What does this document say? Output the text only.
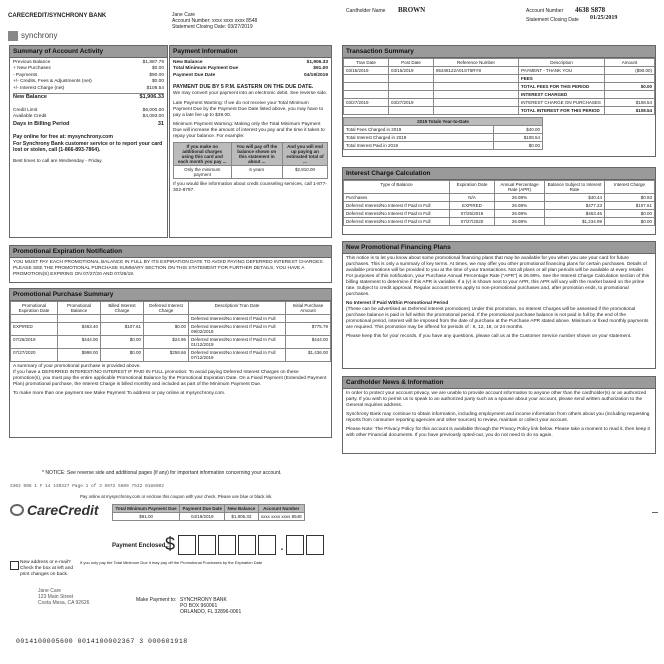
CARECREDIT/SYNCHRONY BANK	Jane Care
Account Number: xxxx xxxx xxxx 8548
Statement Closing Date: 03/27/2019
synchrony
Cardholder Name BROWN	Account Number 4638 S878
Statement Closing Date 01/25/2019
Summary of Account Activity
Previous Balance	$1,887.79
+ New Purchases	$0.00
- Payments	$90.00
+/- Credits, Fees & Adjustments (net)	$0.00
+/- Interest Charge (net)	$108.54
New Balance	$1,906.33
Credit Limit	$6,000.00
Available Credit	$4,093.00
Days in Billing Period	31
Pay online for free at: mysynchrony.com
For Synchrony Bank customer service or to report your card lost or stolen, call (1-866-893-7864).
Best times to call are Wednesday - Friday.
Payment Information
New Balance	$1,906.33
Total Minimum Payment Due	$91.00
Payment Due Date	04/19/2019
PAYMENT DUE BY 5 P.M. EASTERN ON THE DUE DATE.
We may convert your payment into an electronic debit. See reverse side.
Late Payment Warning: If we do not receive your Total Minimum Payment Due by the Payment Due Date listed above, you may have to pay a late fee up to $39.00.
Minimum Payment Warning: Making only the Total Minimum Payment Due will increase the amount of interest you pay and the time it takes to repay your balance. For example:
If you make no additional charges using this card and each month you pay ...	You will pay off the balance shown on this statement in about ...	And you will end up paying an estimated total of ...
Only the minimum payment	6 years	$2,810.00
If you would like information about credit counseling services, call 1-877-302-8797.
Transaction Summary
Tran Date	Post Date	Reference Number	Description	Amount
03/15/2019	03/15/2019	85348122A01ST5RY8	PAYMENT - THANK YOU	($90.00)
			FEES	
			TOTAL FEES FOR THIS PERIOD	$0.00
			INTEREST CHARGED	
03/27/2019	03/27/2019		INTEREST CHARGE ON PURCHASES	$108.54
			TOTAL INTEREST FOR THIS PERIOD	$108.54
2019 Totals Year-to-Date	
Total Fees Charged in 2019	$40.00
Total Interest Charged in 2019	$108.54
Total Interest Paid in 2019	$0.00
Interest Charge Calculation
Type of Balance	Expiration Date	Annual Percentage Rate (APR)	Balance Subject to Interest Rate	Interest Charge
Purchases	N/A	26.99%	$40.44	$0.93
Deferred Interest/No Interest If Paid In Full	EXPIRED	26.99%	$477.23	$107.61
Deferred Interest/No Interest If Paid In Full	07/26/2019	26.99%	$463.46	$0.00
Deferred Interest/No Interest If Paid In Full	07/27/2020	26.99%	$1,234.99	$0.00
Promotional Expiration Notification
YOU MUST PAY EACH PROMOTIONAL BALANCE IN FULL BY ITS EXPIRATION DATE TO AVOID PAYING DEFERRED INTEREST CHARGES. PLEASE SEE THE PROMOTIONAL PURCHASE SUMMARY SECTION ON THIS STATEMENT FOR FURTHER DETAILS. YOU HAVE A PROMOTION(S) EXPIRING ON 07/27/20 AND 07/26/19.
Promotional Purchase Summary
Promotional Expiration Date	Promotional Balance	Billed Interest Charge	Deferred Interest Charge	Description/ Tran Date	Initial Purchase Amount
				Deferred Interest/No Interest If Paid In Full	
EXPIRED	$463.40	$107.61	$0.00	Deferred Interest/No Interest If Paid In Full 09/02/2018	$775.79
07/26/2019	$444.00	$0.00	$24.96	Deferred Interest/No Interest If Paid In Full 01/12/2019	$444.00
07/27/2020	$998.00	$0.00	$258.66	Deferred Interest/No Interest If Paid In Full 07/12/2019	$1,436.00
A summary of your promotional purchase is provided above.
If you have a DEFERRED INTEREST/NO INTEREST IF PAID IN FULL promotion: To avoid paying Deferred Interest Charges on these promotion(s), you must pay the entire applicable Promotional Balance by the Promotional Expiration Date. On a Fixed Payment (Extended Payment Plan) promotional purchase, the Interest Charge is billed monthly and included as part of the Minimum Payment Due.
To make more than one payment see Make Payment To address or pay online at mysynchrony.com.
New Promotional Financing Plans
This notice is to let you know about some promotional financing plans that may be available for you when you use your card for future purchases. This is only a summary of key terms. At times, we may offer you other promotional financing plans for certain purchases. Details of available promotions will be provided to you at the time of your transactions. Not all plans or all plan periods will be available at every retailer. For purposes of this notification, your Purchase Annual Percentage Rate ("APR") is 26.99%. See the Interest Charge Calculation section of this billing statement to determine if this APR is variable. If a (v) is shown next to your APR, this APR will vary with the market based on the prime rate. Subject to credit approval. Regular account terms apply to non-promotional purchases and, after promotion ends, to promotional purchases.
No Interest if Paid Within Promotional Period
(These can be advertised as Deferred interest promotions) Under this promotion, no Interest Charges will be assessed if the promotional purchase balance is paid in full within the promotional period. If the promotional purchase balance is not paid in full by the end of the promotional period, interest will be imposed from the date of purchase at the Purchase APR stated above. Minimum or fixed monthly payments are required. This promotion may be offered for periods of : 6, 12, 18, or 24 months.
Please keep this for your records. If you have any questions, please call us at the Customer Service number shown on your statement.
Cardholder News & Information
In order to protect your account privacy, we are unable to provide account information to anyone other than the cardholder(s) or an authorized party. If you wish to permit us to speak to an authorized party such as a spouse about your account, please send written authorization to the General Inquiries address.
Synchrony Bank may continue to obtain information, including employment and income information from others about you (including requesting reports from consumer reporting agencies and other sources) to review, maintain or collect your account.
Please Note: The Privacy Policy for this account is available through the Privacy Policy link below. Please take a moment to read it, then keep it with other Financial documents. If you have previously opted-out, you do not need to do so again.
* NOTICE: See reverse side and additional pages (if any) for important information concerning your account.
S302 D08 1 F 14 130327 Page 1 of 3 8972 5600 7532 0188002
Pay online at mysynchrony.com or enclose this coupon with your check. Please use blue or black ink.
CareCredit	Total Minimum Payment Due	Payment Due Date	New Balance	Account Number
$91.00	04/19/2019	$1,906.33	xxxx xxxx xxxx 8548
Payment Enclosed :
$	.
New address or e-mail? Check the box at left and print changes on back.
If you only pay the Total Minimum Due it may pay off the Promotional Purchases by the Expiration Date
Jane Care
123 Main Street
Costa Mesa, CA 92626	Make Payment to: SYNCHRONY BANK
PO BOX 960061
ORLANDO, FL 32896-0061
0014100005600 0014100002367 3 000601918
